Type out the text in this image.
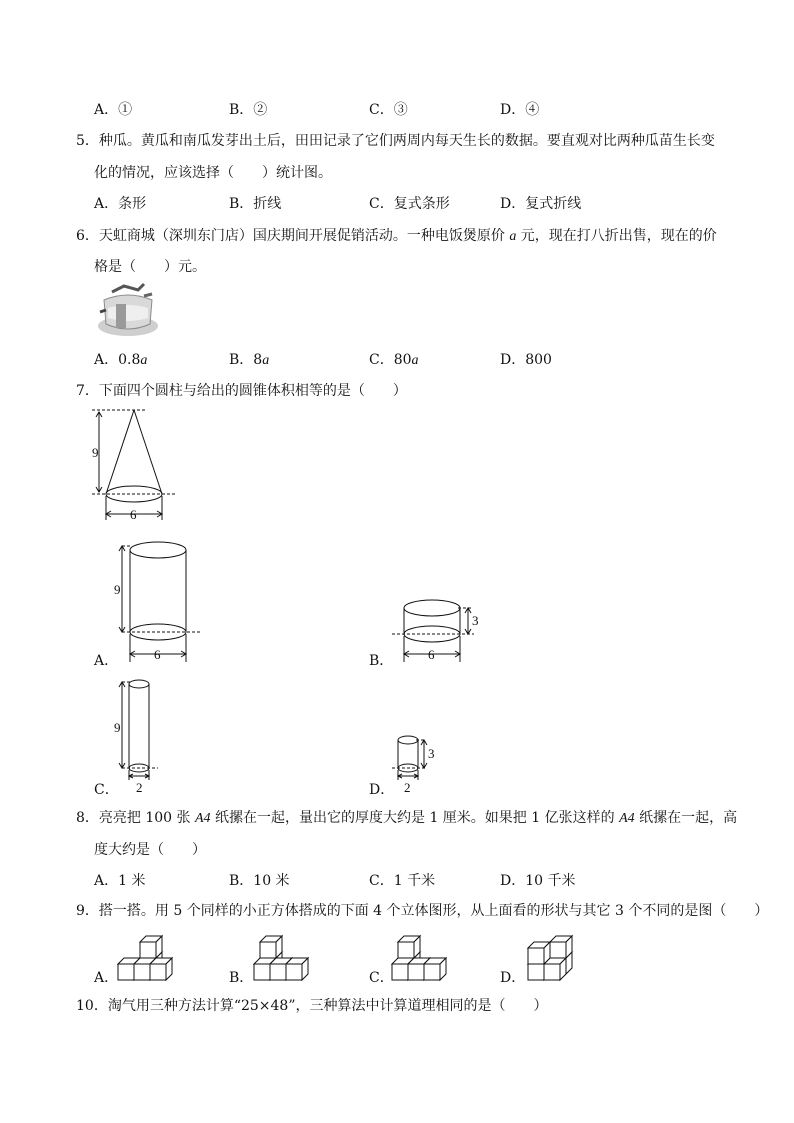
A．①	B．②	C．③	D．④
5．种瓜。黄瓜和南瓜发芽出土后，田田记录了它们两周内每天生长的数据。要直观对比两种瓜苗生长变
化的情况，应该选择（　　）统计图。
A．条形	B．折线	C．复式条形	D．复式折线
6．天虹商城（深圳东门店）国庆期间开展促销活动。一种电饭煲原价 a 元，现在打八折出售，现在的价
格是（　　）元。
A．0.8a	B．8a	C．80a	D．800
7．下面四个圆柱与给出的圆锥体积相等的是（　　）
9
6
9
6
A．
3
6
B．
9
2
C．
3
2
D．
8．亮亮把 100 张 A4 纸摞在一起，量出它的厚度大约是 1 厘米。如果把 1 亿张这样的 A4 纸摞在一起，高
度大约是（　　）
A．1 米	B．10 米	C．1 千米	D．10 千米
9．搭一搭。用 5 个同样的小正方体搭成的下面 4 个立体图形，从上面看的形状与其它 3 个不同的是图（　　）
A．	B．	C．	D．
10．淘气用三种方法计算“25×48”，三种算法中计算道理相同的是（　　）
